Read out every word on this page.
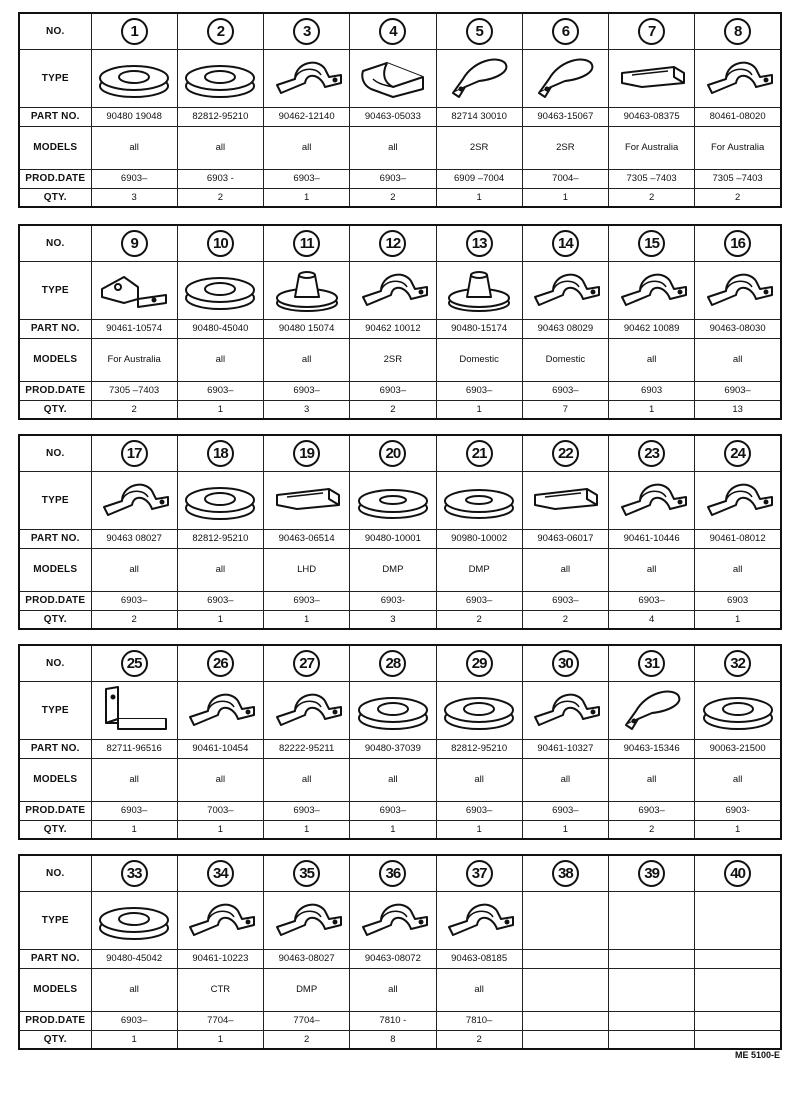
NO.	1	2	3	4	5	6	7	8
TYPE	

PART NO.	90480 19048	82812-95210	90462-12140	90463-05033	82714 30010	90463-15067	90463-08375	80461-08020
MODELS	all	all	all	all	2SR	2SR	For Australia	For Australia
PROD.DATE	6903–	6903 -	6903–	6903–	6909 –7004	7004–	7305 –7403	7305 –7403
QTY.	3	2	1	2	1	1	2	2
NO.	9	10	11	12	13	14	15	16
TYPE	

PART NO.	90461-10574	90480-45040	90480 15074	90462 10012	90480-15174	90463 08029	90462 10089	90463-08030
MODELS	For Australia	all	all	2SR	Domestic	Domestic	all	all
PROD.DATE	7305 –7403	6903–	6903–	6903–	6903–	6903–	6903	6903–
QTY.	2	1	3	2	1	7	1	13
NO.	17	18	19	20	21	22	23	24
TYPE	

PART NO.	90463 08027	82812-95210	90463-06514	90480-10001	90980-10002	90463-06017	90461-10446	90461-08012
MODELS	all	all	LHD	DMP	DMP	all	all	all
PROD.DATE	6903–	6903–	6903–	6903-	6903–	6903–	6903–	6903
QTY.	2	1	1	3	2	2	4	1
NO.	25	26	27	28	29	30	31	32
TYPE	

PART NO.	82711-96516	90461-10454	82222-95211	90480-37039	82812-95210	90461-10327	90463-15346	90063-21500
MODELS	all	all	all	all	all	all	all	all
PROD.DATE	6903–	7003–	6903–	6903–	6903–	6903–	6903–	6903-
QTY.	1	1	1	1	1	1	2	1
NO.	33	34	35	36	37	38	39	40
TYPE	

PART NO.	90480-45042	90461-10223	90463-08027	90463-08072	90463-08185			
MODELS	all	CTR	DMP	all	all			
PROD.DATE	6903–	7704–	7704–	7810 -	7810–			
QTY.	1	1	2	8	2			
ME 5100-E
